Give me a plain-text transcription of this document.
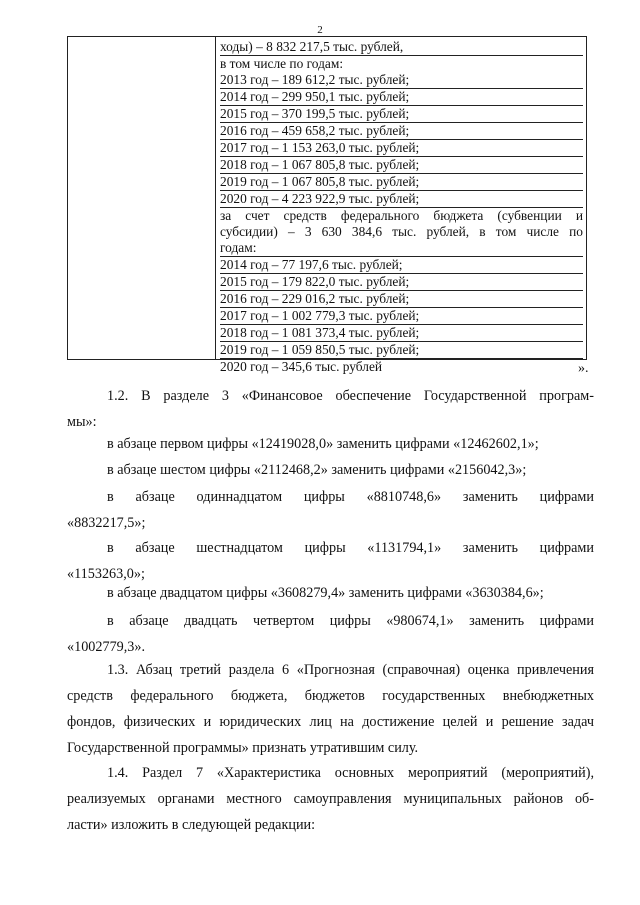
2
ходы) – 8 832 217,5 тыс. рублей,
в том числе по годам:
2013 год – 189 612,2 тыс. рублей;
2014 год – 299 950,1 тыс. рублей;
2015 год – 370 199,5 тыс. рублей;
2016 год – 459 658,2 тыс. рублей;
2017 год – 1 153 263,0 тыс. рублей;
2018 год – 1 067 805,8 тыс. рублей;
2019 год – 1 067 805,8 тыс. рублей;
2020 год – 4 223 922,9 тыс. рублей;
за счет средств федерального бюджета (субвенции и
субсидии) – 3 630 384,6 тыс. рублей, в том числе по
годам:
2014 год – 77 197,6 тыс. рублей;
2015 год – 179 822,0 тыс. рублей;
2016 год – 229 016,2 тыс. рублей;
2017 год – 1 002 779,3 тыс. рублей;
2018 год – 1 081 373,4 тыс. рублей;
2019 год – 1 059 850,5 тыс. рублей;
2020 год – 345,6 тыс. рублей	».
1.2. В разделе 3 «Финансовое обеспечение Государственной програм-
мы»:
в абзаце первом цифры «12419028,0» заменить цифрами «12462602,1»;
в абзаце шестом цифры «2112468,2» заменить цифрами «2156042,3»;
в абзаце одиннадцатом цифры «8810748,6» заменить цифрами
«8832217,5»;
в абзаце шестнадцатом цифры «1131794,1» заменить цифрами
«1153263,0»;
в абзаце двадцатом цифры «3608279,4» заменить цифрами «3630384,6»;
в абзаце двадцать четвертом цифры «980674,1» заменить цифрами
«1002779,3».
1.3. Абзац третий раздела 6 «Прогнозная (справочная) оценка привлечения
средств федерального бюджета, бюджетов государственных внебюджетных
фондов, физических и юридических лиц на достижение целей и решение задач
Государственной программы» признать утратившим силу.
1.4. Раздел 7 «Характеристика основных мероприятий (мероприятий),
реализуемых органами местного самоуправления муниципальных районов об-
ласти» изложить в следующей редакции:
